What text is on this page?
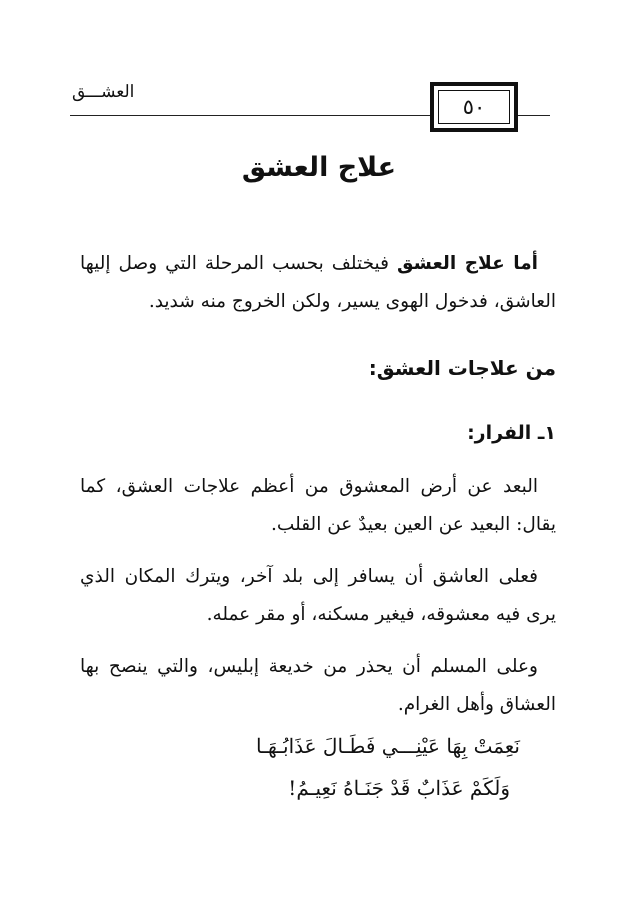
العشـــق
٥٠
علاج العشق
أما علاج العشق فيختلف بحسب المرحلة التي وصل إليها العاشق، فدخول الهوى يسير، ولكن الخروج منه شديد.
من علاجات العشق:
١ـ الفرار:
البعد عن أرض المعشوق من أعظم علاجات العشق، كما يقال: البعيد عن العين بعيدٌ عن القلب.
فعلى العاشق أن يسافر إلى بلد آخر، ويترك المكان الذي يرى فيه معشوقه، فيغير مسكنه، أو مقر عمله.
وعلى المسلم أن يحذر من خديعة إبليس، والتي ينصح بها العشاق وأهل الغرام.
نَعِمَتْ بِهَا عَيْنِـــي فَطَـالَ عَذَابُـهَـا
وَلَكَمْ عَذَابٌ قَدْ جَنَـاهُ نَعِيـمُ!
